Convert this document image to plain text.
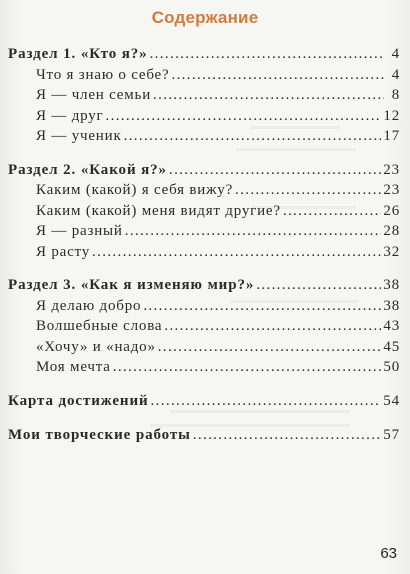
Содержание
Раздел 1. «Кто я?» . . .	4
Что я знаю о себе? . . .	4
Я — член семьи . . .	8
Я — друг . . .	12
Я — ученик . . .	17
Раздел 2. «Какой я?» . . .	23
Каким (какой) я себя вижу? . . .	23
Каким (какой) меня видят другие? . . .	26
Я — разный . . .	28
Я расту . . .	32
Раздел 3. «Как я изменяю мир?» . . .	38
Я делаю добро . . .	38
Волшебные слова . . .	43
«Хочу» и «надо» . . .	45
Моя мечта . . .	50
Карта достижений . . .	54
Мои творческие работы . . .	57
63
